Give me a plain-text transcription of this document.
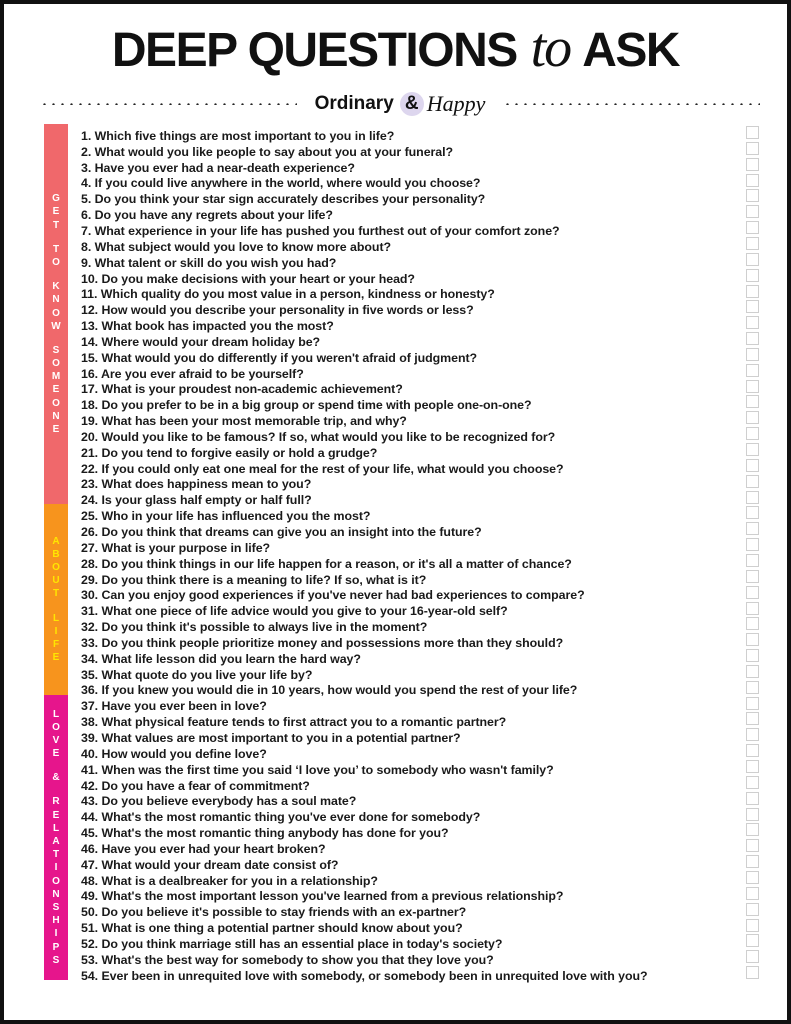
DEEP QUESTIONS to ASK
Ordinary & Happy
G
E
T

T
O

K
N
O
W

S
O
M
E
O
N
E
A
B
O
U
T

L
I
F
E
L
O
V
E

&

R
E
L
A
T
I
O
N
S
H
I
P
S
1. Which five things are most important to you in life?
2. What would you like people to say about you at your funeral?
3. Have you ever had a near-death experience?
4. If you could live anywhere in the world, where would you choose?
5. Do you think your star sign accurately describes your personality?
6. Do you have any regrets about your life?
7. What experience in your life has pushed you furthest out of your comfort zone?
8. What subject would you love to know more about?
9. What talent or skill do you wish you had?
10. Do you make decisions with your heart or your head?
11. Which quality do you most value in a person, kindness or honesty?
12. How would you describe your personality in five words or less?
13. What book has impacted you the most?
14. Where would your dream holiday be?
15. What would you do differently if you weren't afraid of judgment?
16. Are you ever afraid to be yourself?
17. What is your proudest non-academic achievement?
18. Do you prefer to be in a big group or spend time with people one-on-one?
19. What has been your most memorable trip, and why?
20. Would you like to be famous? If so, what would you like to be recognized for?
21. Do you tend to forgive easily or hold a grudge?
22. If you could only eat one meal for the rest of your life, what would you choose?
23. What does happiness mean to you?
24. Is your glass half empty or half full?
25. Who in your life has influenced you the most?
26. Do you think that dreams can give you an insight into the future?
27. What is your purpose in life?
28. Do you think things in our life happen for a reason, or it's all a matter of chance?
29. Do you think there is a meaning to life? If so, what is it?
30. Can you enjoy good experiences if you've never had bad experiences to compare?
31. What one piece of life advice would you give to your 16-year-old self?
32. Do you think it's possible to always live in the moment?
33. Do you think people prioritize money and possessions more than they should?
34. What life lesson did you learn the hard way?
35. What quote do you live your life by?
36. If you knew you would die in 10 years, how would you spend the rest of your life?
37. Have you ever been in love?
38. What physical feature tends to first attract you to a romantic partner?
39. What values are most important to you in a potential partner?
40. How would you define love?
41. When was the first time you said ‘I love you’ to somebody who wasn't family?
42. Do you have a fear of commitment?
43. Do you believe everybody has a soul mate?
44. What's the most romantic thing you've ever done for somebody?
45. What's the most romantic thing anybody has done for you?
46. Have you ever had your heart broken?
47. What would your dream date consist of?
48. What is a dealbreaker for you in a relationship?
49. What's the most important lesson you've learned from a previous relationship?
50. Do you believe it's possible to stay friends with an ex-partner?
51. What is one thing a potential partner should know about you?
52. Do you think marriage still has an essential place in today's society?
53. What's the best way for somebody to show you that they love you?
54. Ever been in unrequited love with somebody, or somebody been in unrequited love with you?
